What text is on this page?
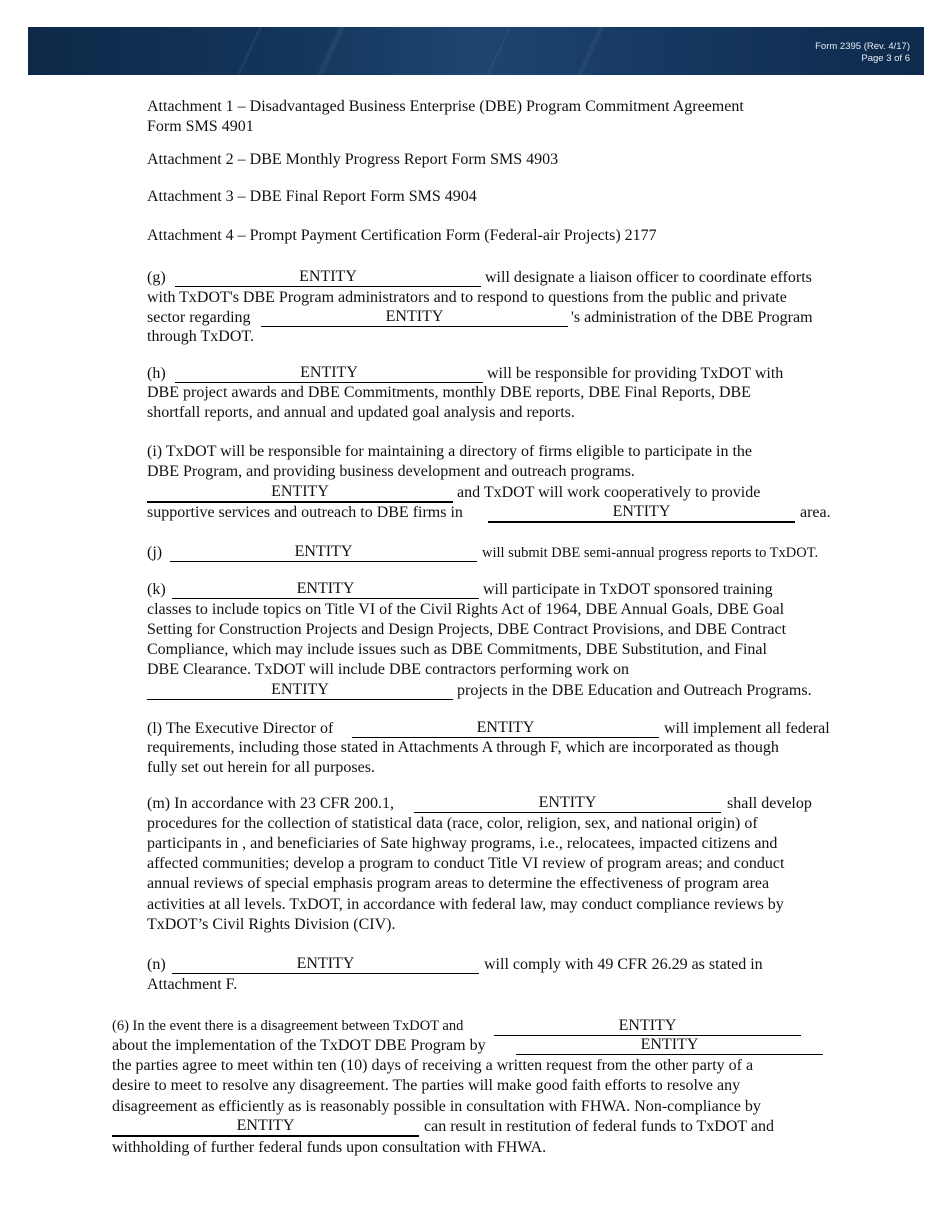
Form 2395 (Rev. 4/17)
Page 3 of 6
Attachment 1 – Disadvantaged Business Enterprise (DBE) Program Commitment Agreement
Form SMS 4901
Attachment 2 – DBE Monthly Progress Report Form SMS 4903
Attachment 3 – DBE Final Report Form SMS 4904
Attachment 4 – Prompt Payment Certification Form (Federal-air Projects) 2177
(g)	ENTITY	will designate a liaison officer to coordinate efforts
with TxDOT's DBE Program administrators and to respond to questions from the public and private
sector regarding	ENTITY	's administration of the DBE Program
through TxDOT.
(h)	ENTITY	will be responsible for providing TxDOT with
DBE project awards and DBE Commitments, monthly DBE reports, DBE Final Reports, DBE
shortfall reports, and annual and updated goal analysis and reports.
(i) TxDOT will be responsible for maintaining a directory of firms eligible to participate in the
DBE Program, and providing business development and outreach programs.
ENTITY	and TxDOT will work cooperatively to provide
supportive services and outreach to DBE firms in	ENTITY	area.
(j)	ENTITY	will submit DBE semi-annual progress reports to TxDOT.
(k)	ENTITY	will participate in TxDOT sponsored training
classes to include topics on Title VI of the Civil Rights Act of 1964, DBE Annual Goals, DBE Goal
Setting for Construction Projects and Design Projects, DBE Contract Provisions, and DBE Contract
Compliance, which may include issues such as DBE Commitments, DBE Substitution, and Final
DBE Clearance. TxDOT will include DBE contractors performing work on
ENTITY	projects in the DBE Education and Outreach Programs.
(l) The Executive Director of	ENTITY	will implement all federal
requirements, including those stated in Attachments A through F, which are incorporated as though
fully set out herein for all purposes.
(m) In accordance with 23 CFR 200.1,	ENTITY	shall develop
procedures for the collection of statistical data (race, color, religion, sex, and national origin) of
participants in , and beneficiaries of Sate highway programs, i.e., relocatees, impacted citizens and
affected communities; develop a program to conduct Title VI review of program areas; and conduct
annual reviews of special emphasis program areas to determine the effectiveness of program area
activities at all levels. TxDOT, in accordance with federal law, may conduct compliance reviews by
TxDOT’s Civil Rights Division (CIV).
(n)	ENTITY	will comply with 49 CFR 26.29 as stated in
Attachment F.
(6) In the event there is a disagreement between TxDOT and	ENTITY
about the implementation of the TxDOT DBE Program by	ENTITY
the parties agree to meet within ten (10) days of receiving a written request from the other party of a
desire to meet to resolve any disagreement. The parties will make good faith efforts to resolve any
disagreement as efficiently as is reasonably possible in consultation with FHWA. Non-compliance by
ENTITY	can result in restitution of federal funds to TxDOT and
withholding of further federal funds upon consultation with FHWA.
